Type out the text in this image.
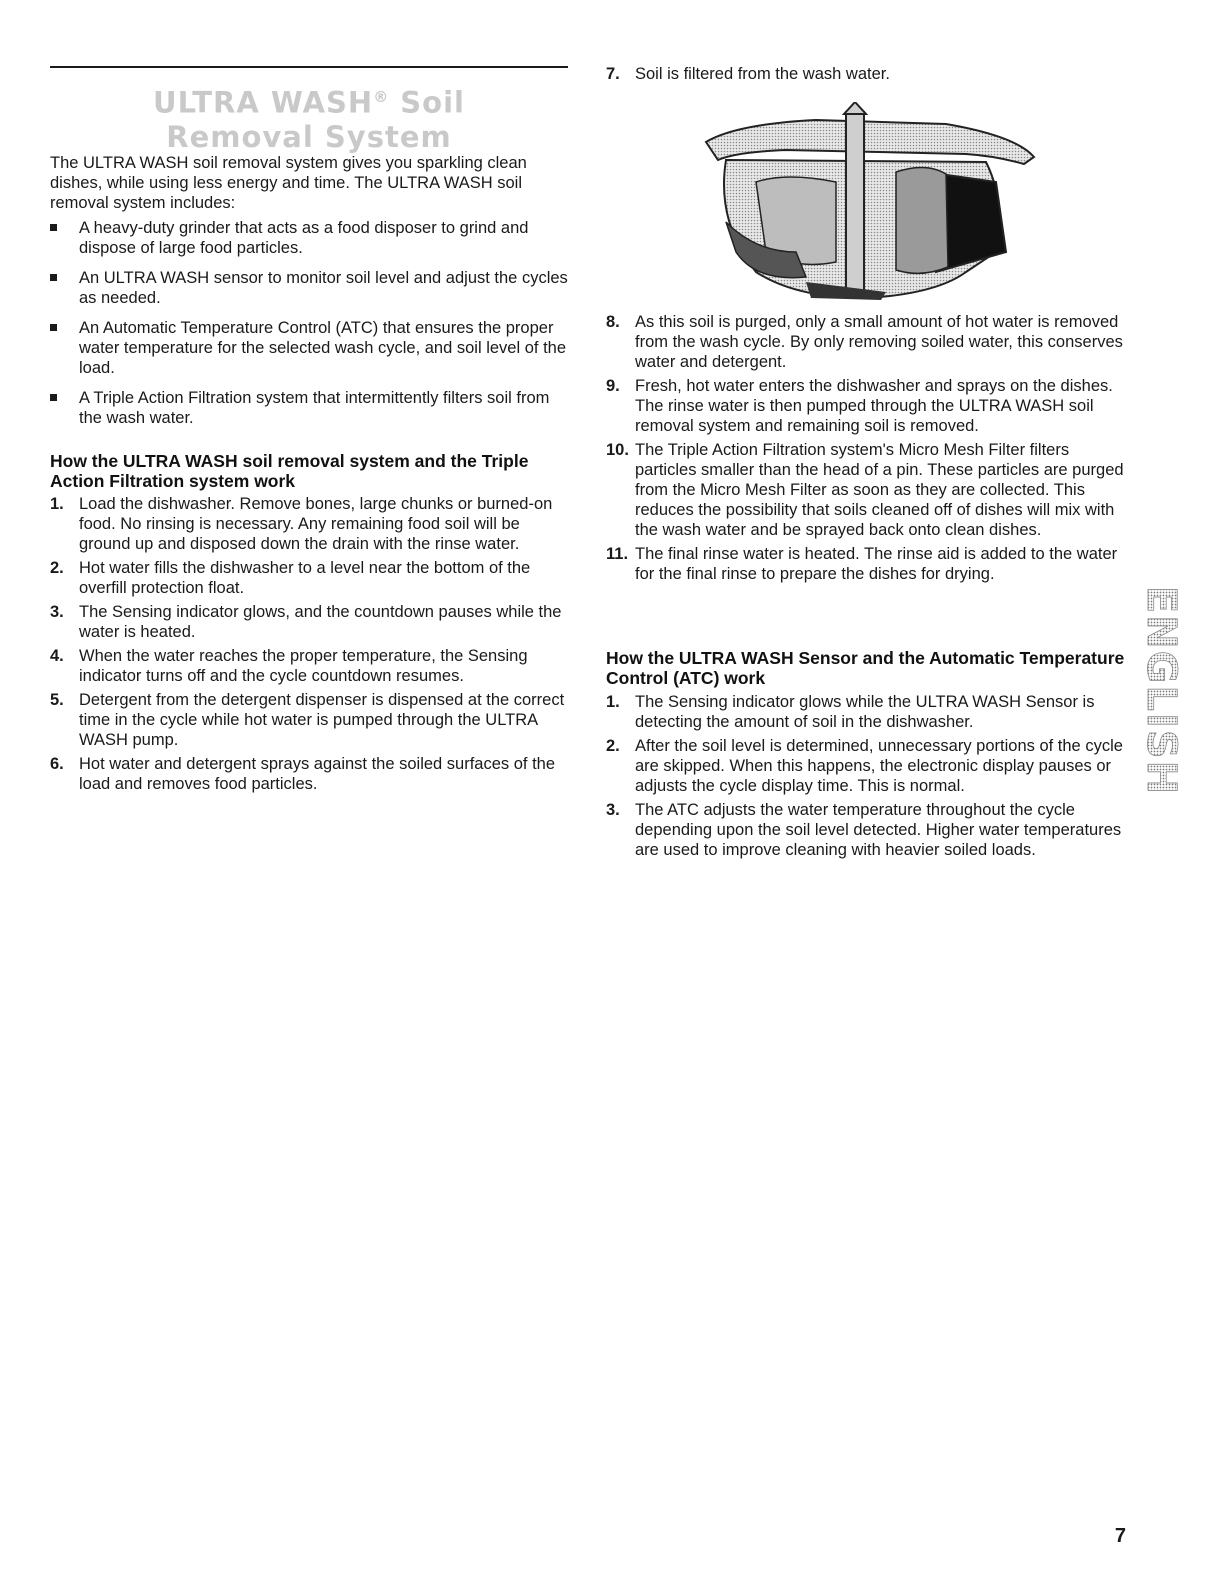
ULTRA WASH® Soil
Removal System

The ULTRA WASH soil removal system gives you sparkling clean dishes, while using less energy and time. The ULTRA WASH soil removal system includes:

A heavy-duty grinder that acts as a food disposer to grind and dispose of large food particles.
An ULTRA WASH sensor to monitor soil level and adjust the cycles as needed.
An Automatic Temperature Control (ATC) that ensures the proper water temperature for the selected wash cycle, and soil level of the load.
A Triple Action Filtration system that intermittently filters soil from the wash water.
How the ULTRA WASH soil removal system and the Triple Action Filtration system work
1. Load the dishwasher. Remove bones, large chunks or burned-on food. No rinsing is necessary. Any remaining food soil will be ground up and disposed down the drain with the rinse water.
2. Hot water fills the dishwasher to a level near the bottom of the overfill protection float.
3. The Sensing indicator glows, and the countdown pauses while the water is heated.
4. When the water reaches the proper temperature, the Sensing indicator turns off and the cycle countdown resumes.
5. Detergent from the detergent dispenser is dispensed at the correct time in the cycle while hot water is pumped through the ULTRA WASH pump.
6. Hot water and detergent sprays against the soiled surfaces of the load and removes food particles.
7. Soil is filtered from the wash water.
8. As this soil is purged, only a small amount of hot water is removed from the wash cycle. By only removing soiled water, this conserves water and detergent.
9. Fresh, hot water enters the dishwasher and sprays on the dishes. The rinse water is then pumped through the ULTRA WASH soil removal system and remaining soil is removed.
10. The Triple Action Filtration system's Micro Mesh Filter filters particles smaller than the head of a pin. These particles are purged from the Micro Mesh Filter as soon as they are collected. This reduces the possibility that soils cleaned off of dishes will mix with the wash water and be sprayed back onto clean dishes.
11. The final rinse water is heated. The rinse aid is added to the water for the final rinse to prepare the dishes for drying.
How the ULTRA WASH Sensor and the Automatic Temperature Control (ATC) work
1. The Sensing indicator glows while the ULTRA WASH Sensor is detecting the amount of soil in the dishwasher.
2. After the soil level is determined, unnecessary portions of the cycle are skipped. When this happens, the electronic display pauses or adjusts the cycle display time. This is normal.
3. The ATC adjusts the water temperature throughout the cycle depending upon the soil level detected. Higher water temperatures are used to improve cleaning with heavier soiled loads.
ENGLISH
7
